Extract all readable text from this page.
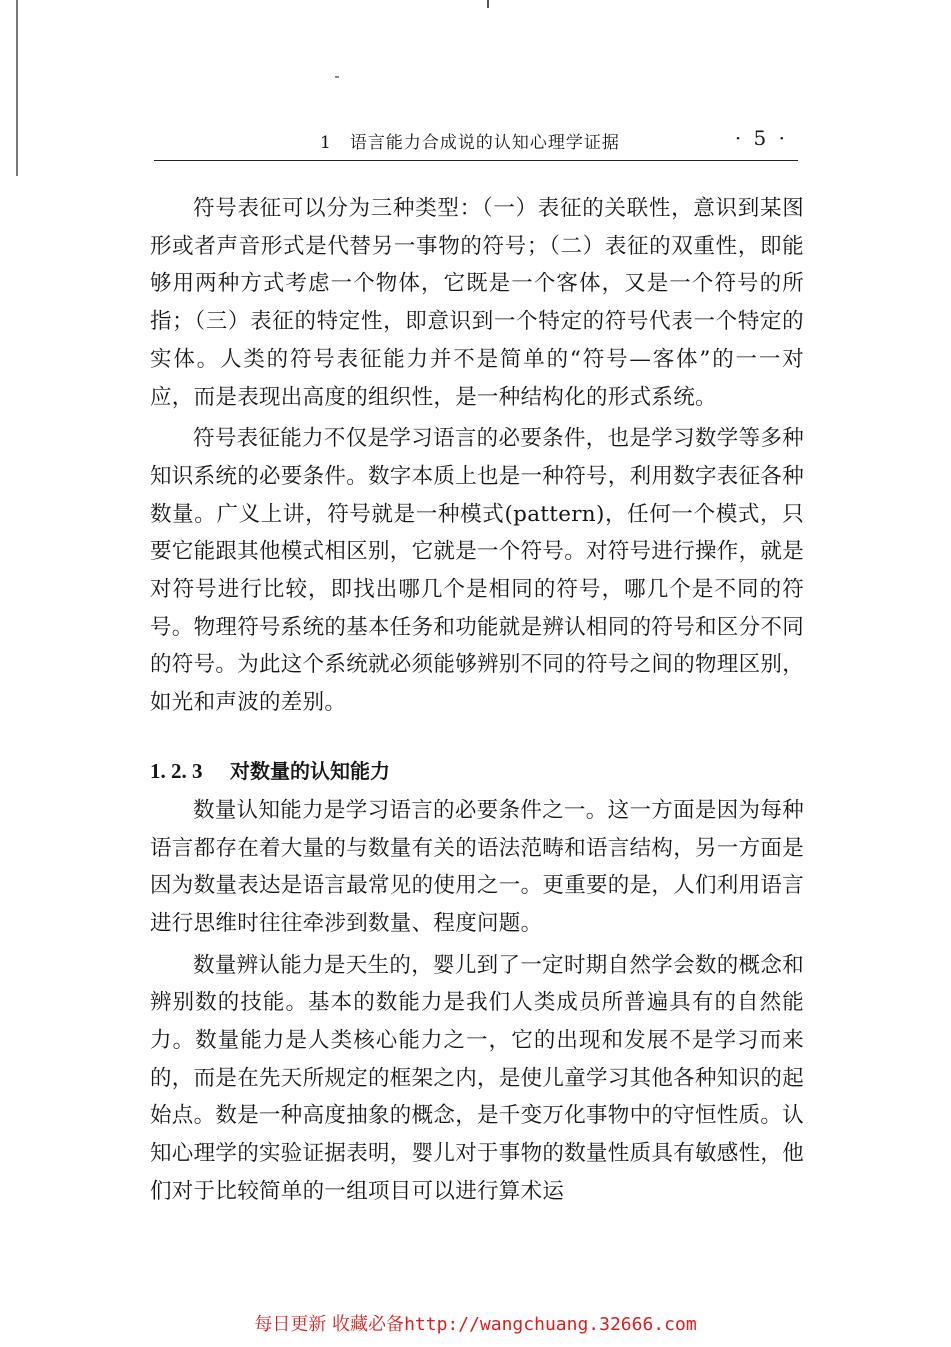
1　语言能力合成说的认知心理学证据	· 5 ·

符号表征可以分为三种类型：（一）表征的关联性，意识到某图形或者声音形式是代替另一事物的符号；（二）表征的双重性，即能够用两种方式考虑一个物体，它既是一个客体，又是一个符号的所指；（三）表征的特定性，即意识到一个特定的符号代表一个特定的实体。人类的符号表征能力并不是简单的“符号—客体”的一一对应，而是表现出高度的组织性，是一种结构化的形式系统。

符号表征能力不仅是学习语言的必要条件，也是学习数学等多种知识系统的必要条件。数字本质上也是一种符号，利用数字表征各种数量。广义上讲，符号就是一种模式(pattern)，任何一个模式，只要它能跟其他模式相区别，它就是一个符号。对符号进行操作，就是对符号进行比较，即找出哪几个是相同的符号，哪几个是不同的符号。物理符号系统的基本任务和功能就是辨认相同的符号和区分不同的符号。为此这个系统就必须能够辨别不同的符号之间的物理区别，如光和声波的差别。

1. 2. 3 对数量的认知能力

数量认知能力是学习语言的必要条件之一。这一方面是因为每种语言都存在着大量的与数量有关的语法范畴和语言结构，另一方面是因为数量表达是语言最常见的使用之一。更重要的是，人们利用语言进行思维时往往牵涉到数量、程度问题。

数量辨认能力是天生的，婴儿到了一定时期自然学会数的概念和辨别数的技能。基本的数能力是我们人类成员所普遍具有的自然能力。数量能力是人类核心能力之一，它的出现和发展不是学习而来的，而是在先天所规定的框架之内，是使儿童学习其他各种知识的起始点。数是一种高度抽象的概念，是千变万化事物中的守恒性质。认知心理学的实验证据表明，婴儿对于事物的数量性质具有敏感性，他们对于比较简单的一组项目可以进行算术运

每日更新 收藏必备http://wangchuang.32666.com
